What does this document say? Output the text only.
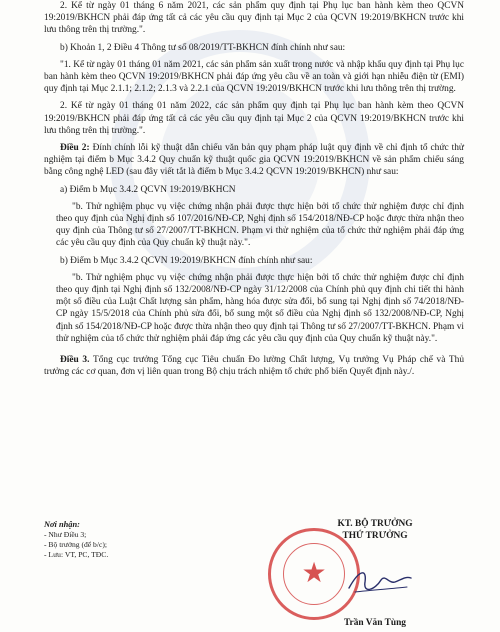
2. Kể từ ngày 01 tháng 6 năm 2021, các sản phẩm quy định tại Phụ lục ban hành kèm theo QCVN 19:2019/BKHCN phải đáp ứng tất cả các yêu cầu quy định tại Mục 2 của QCVN 19:2019/BKHCN trước khi lưu thông trên thị trường.".

b) Khoản 1, 2 Điều 4 Thông tư số 08/2019/TT-BKHCN đính chính như sau:

"1. Kể từ ngày 01 tháng 01 năm 2021, các sản phẩm sản xuất trong nước và nhập khẩu quy định tại Phụ lục ban hành kèm theo QCVN 19:2019/BKHCN phải đáp ứng yêu cầu về an toàn và giới hạn nhiễu điện từ (EMI) quy định tại Mục 2.1.1; 2.1.2; 2.1.3 và 2.2.1 của QCVN 19:2019/BKHCN trước khi lưu thông trên thị trường.

2. Kể từ ngày 01 tháng 01 năm 2022, các sản phẩm quy định tại Phụ lục ban hành kèm theo QCVN 19:2019/BKHCN phải đáp ứng tất cả các yêu cầu quy định tại Mục 2 của QCVN 19:2019/BKHCN trước khi lưu thông trên thị trường.".

Điều 2: Đính chính lỗi kỹ thuật dẫn chiếu văn bản quy phạm pháp luật quy định về chỉ định tổ chức thử nghiệm tại điểm b Mục 3.4.2 Quy chuẩn kỹ thuật quốc gia QCVN 19:2019/BKHCN về sản phẩm chiếu sáng bằng công nghệ LED (sau đây viết tắt là điểm b Mục 3.4.2 QCVN 19:2019/BKHCN) như sau:

a) Điểm b Mục 3.4.2 QCVN 19:2019/BKHCN

"b. Thử nghiệm phục vụ việc chứng nhận phải được thực hiện bởi tổ chức thử nghiệm được chỉ định theo quy định của Nghị định số 107/2016/NĐ-CP, Nghị định số 154/2018/NĐ-CP hoặc được thừa nhận theo quy định của Thông tư số 27/2007/TT-BKHCN. Phạm vi thử nghiệm của tổ chức thử nghiệm phải đáp ứng các yêu cầu quy định của Quy chuẩn kỹ thuật này.".

b) Điểm b Mục 3.4.2 QCVN 19:2019/BKHCN đính chính như sau:

"b. Thử nghiệm phục vụ việc chứng nhận phải được thực hiện bởi tổ chức thử nghiệm được chỉ định theo quy định tại Nghị định số 132/2008/NĐ-CP ngày 31/12/2008 của Chính phủ quy định chi tiết thi hành một số điều của Luật Chất lượng sản phẩm, hàng hóa được sửa đổi, bổ sung tại Nghị định số 74/2018/NĐ-CP ngày 15/5/2018 của Chính phủ sửa đổi, bổ sung một số điều của Nghị định số 132/2008/NĐ-CP, Nghị định số 154/2018/NĐ-CP hoặc được thừa nhận theo quy định tại Thông tư số 27/2007/TT-BKHCN. Phạm vi thử nghiệm của tổ chức thử nghiệm phải đáp ứng các yêu cầu quy định của Quy chuẩn kỹ thuật này.".

Điều 3. Tổng cục trưởng Tổng cục Tiêu chuẩn Đo lường Chất lượng, Vụ trưởng Vụ Pháp chế và Thủ trưởng các cơ quan, đơn vị liên quan trong Bộ chịu trách nhiệm tổ chức phổ biến Quyết định này./.

Nơi nhận:
- Như Điều 3;
- Bộ trưởng (để b/c);
- Lưu: VT, PC, TĐC.
★
KT. BỘ TRƯỞNG
THỨ TRƯỞNG
Trần Văn Tùng
